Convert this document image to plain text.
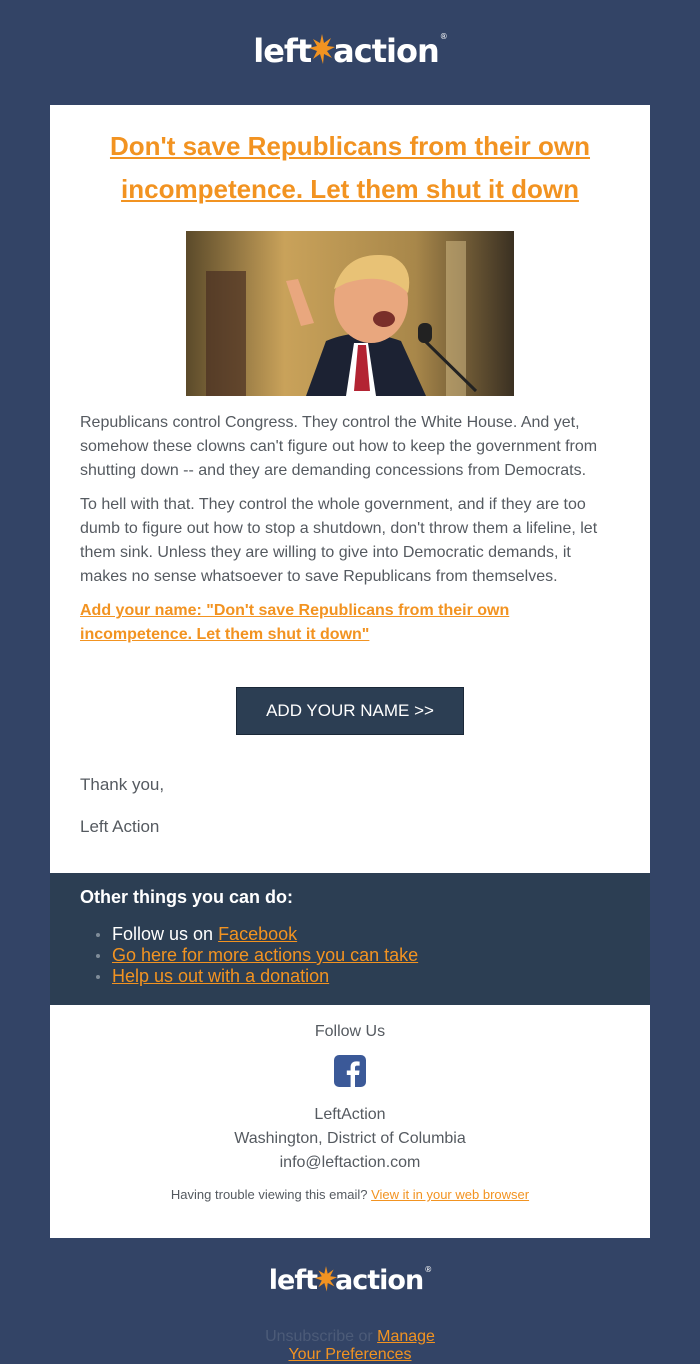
left action ®
Don't save Republicans from their own incompetence. Let them shut it down

Republicans control Congress. They control the White House. And yet, somehow these clowns can't figure out how to keep the government from shutting down -- and they are demanding concessions from Democrats.

To hell with that. They control the whole government, and if they are too dumb to figure out how to stop a shutdown, don't throw them a lifeline, let them sink. Unless they are willing to give into Democratic demands, it makes no sense whatsoever to save Republicans from themselves.

Add your name: "Don't save Republicans from their own incompetence. Let them shut it down"
ADD YOUR NAME >>

Thank you,

Left Action

Other things you can do:
Follow us on Facebook
Go here for more actions you can take
Help us out with a donation
Follow Us
LeftAction
Washington, District of Columbia
info@leftaction.com
Having trouble viewing this email? View it in your web browser
left action ®
Unsubscribe or Manage
Your Preferences
